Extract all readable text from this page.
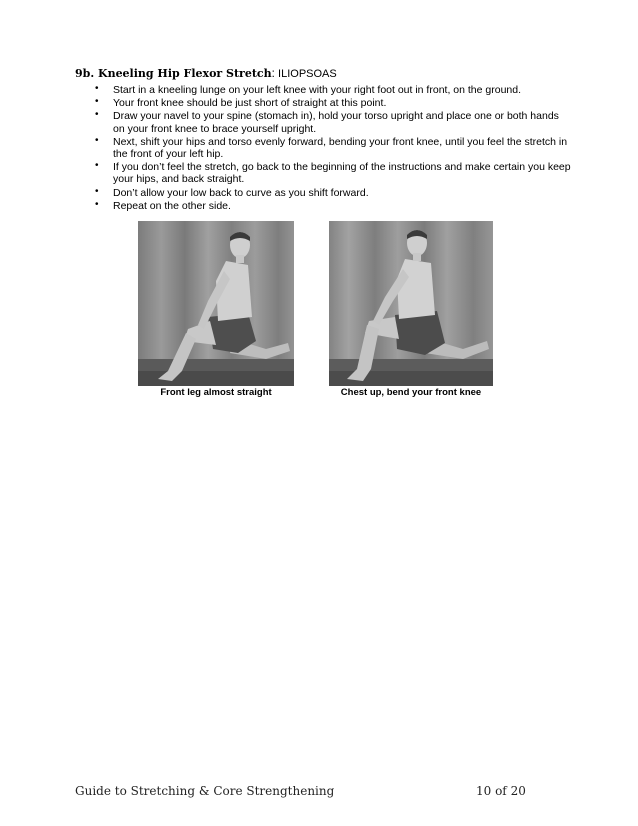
9b. Kneeling Hip Flexor Stretch: ILIOPSOAS
• Start in a kneeling lunge on your left knee with your right foot out in front, on the ground.
• Your front knee should be just short of straight at this point.
• Draw your navel to your spine (stomach in), hold your torso upright and place one or both hands on your front knee to brace yourself upright.
• Next, shift your hips and torso evenly forward, bending your front knee, until you feel the stretch in the front of your left hip.
• If you don’t feel the stretch, go back to the beginning of the instructions and make certain you keep your hips, and back straight.
• Don’t allow your low back to curve as you shift forward.
• Repeat on the other side.
Front leg almost straight	Chest up, bend your front knee
Guide to Stretching & Core Strengthening	10 of 20
